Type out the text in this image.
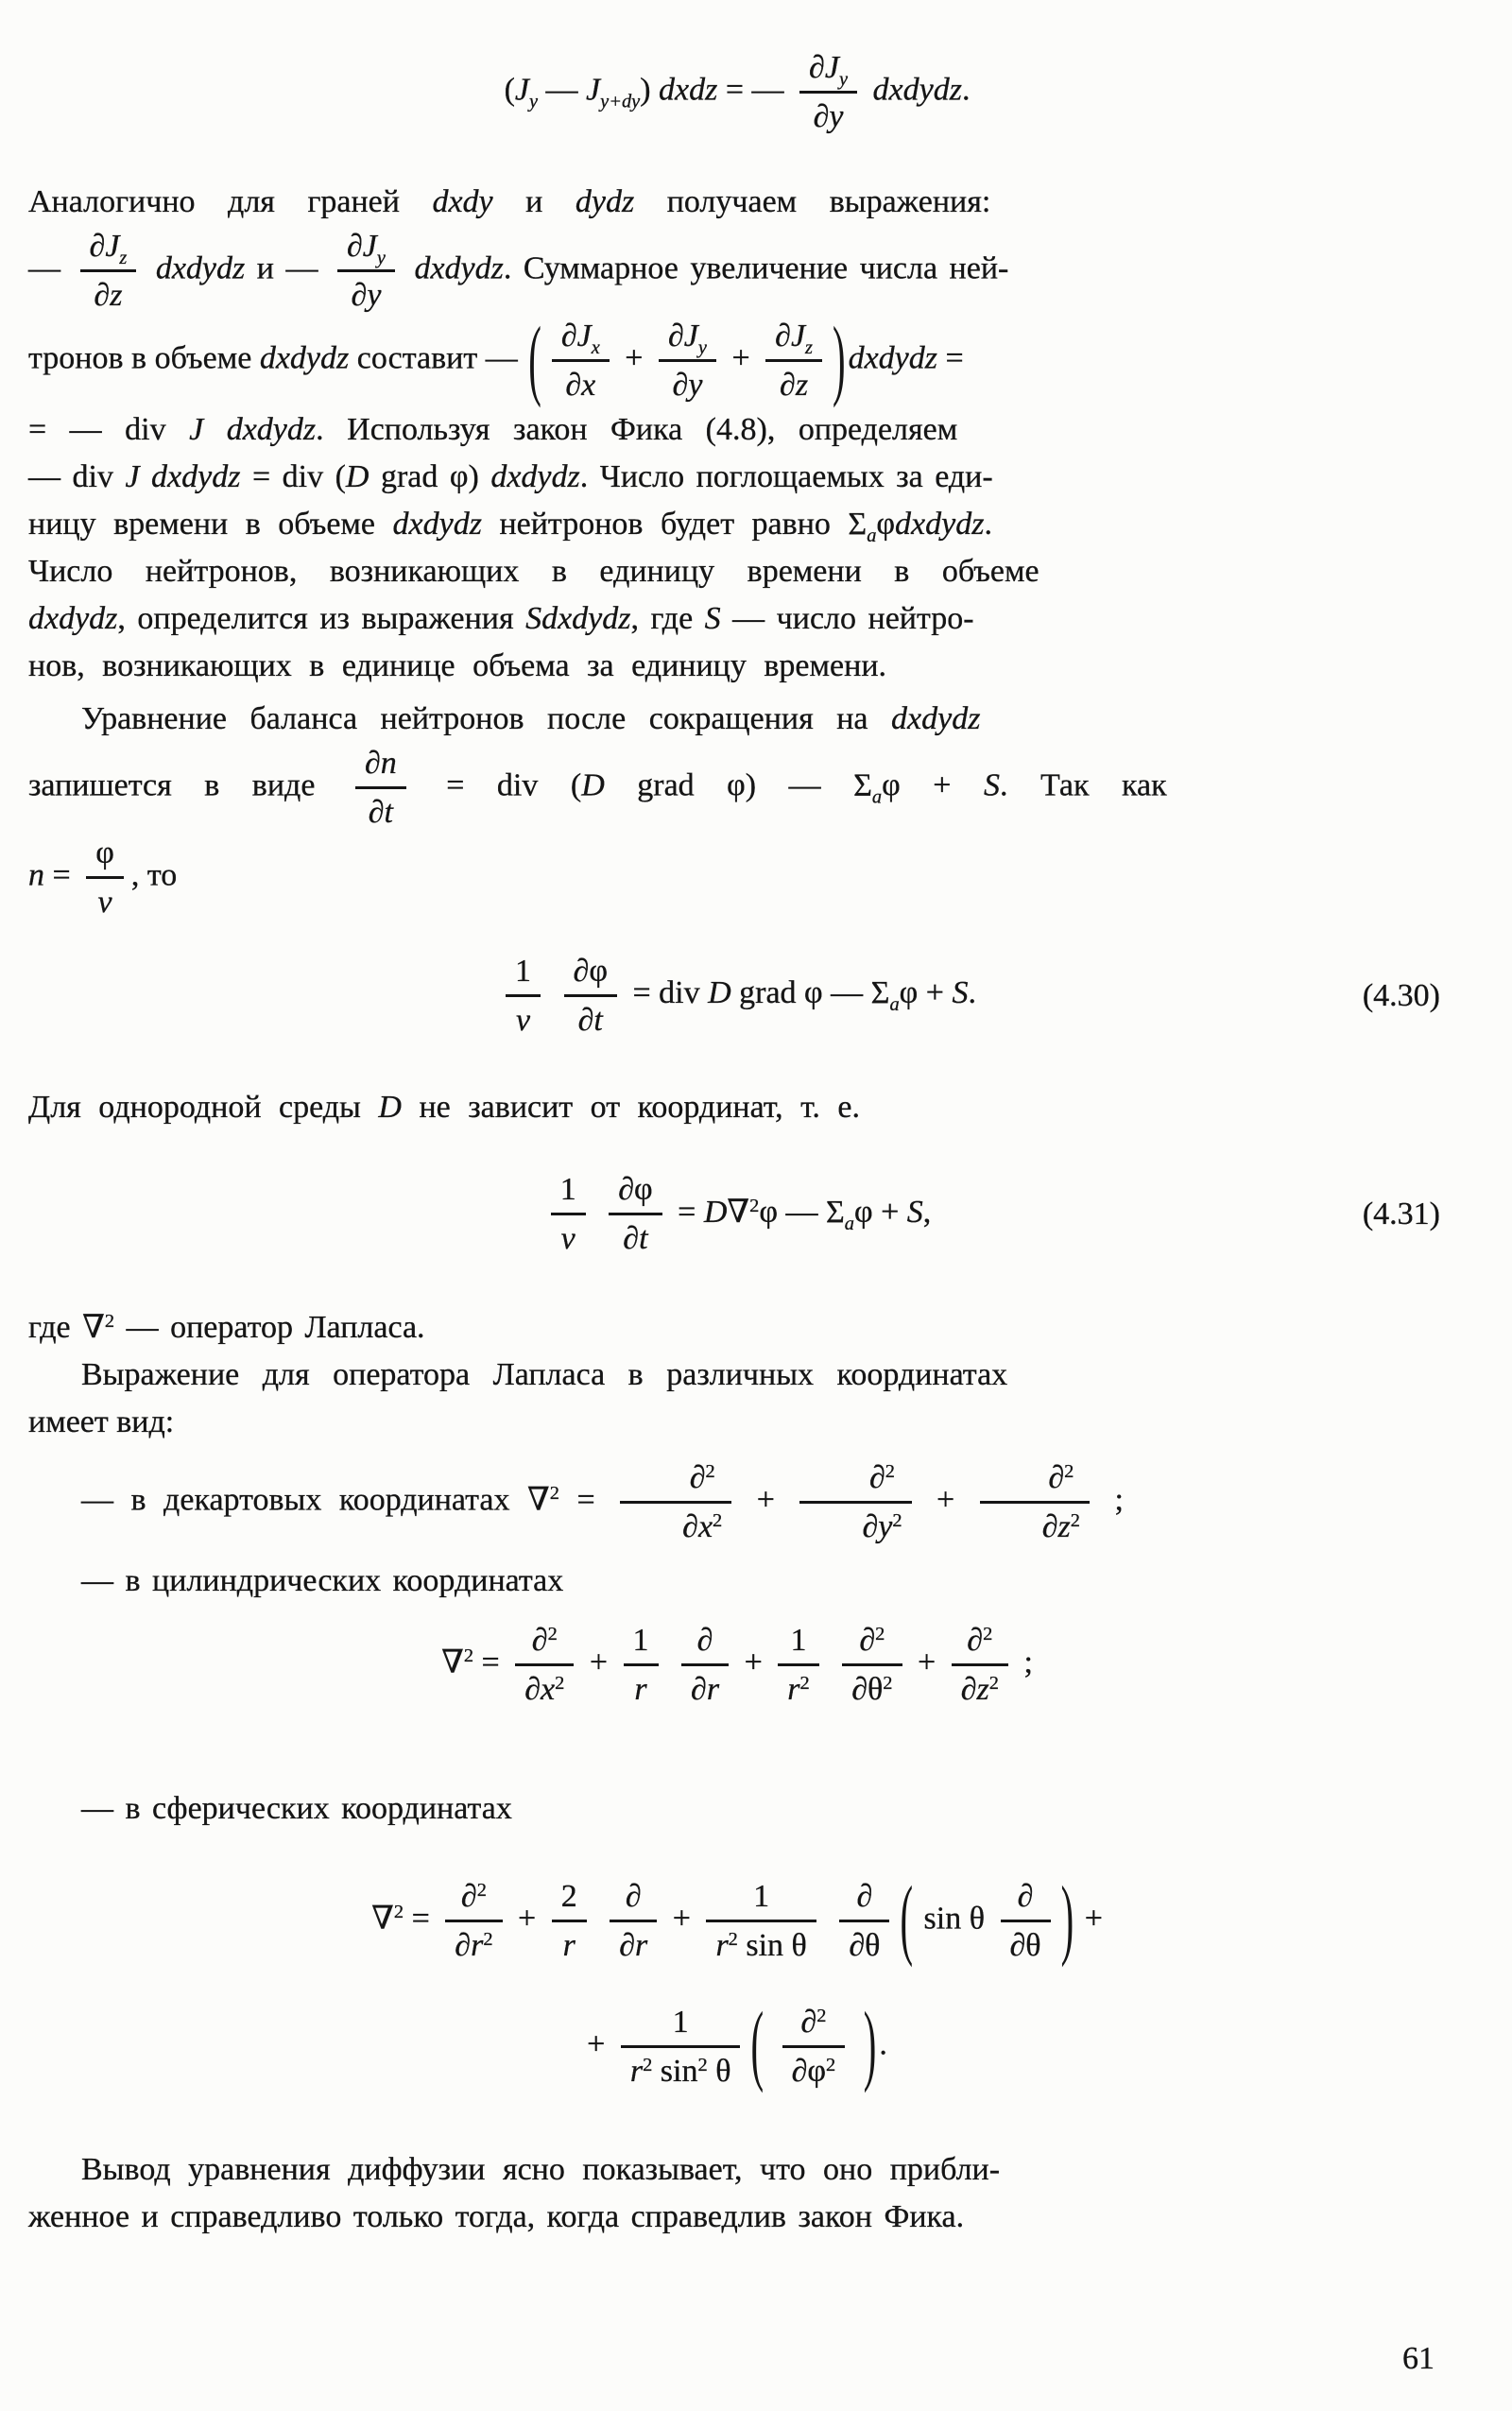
($J_y$ — $J_{y+dy}$) dxdz = — $\frac{\partial J_y}{\partial y}$ dxdydz.
Аналогично для граней dxdy и dydz получаем выражения:
— $\frac{\partial J_z}{\partial z}$ dxdydz и — $\frac{\partial J_y}{\partial y}$ dxdydz. Суммарное увеличение числа ней-
тронов в объеме dxdydz составит — ( $\frac{\partial J_x}{\partial x} + \frac{\partial J_y}{\partial y} + \frac{\partial J_z}{\partial z}$ )dxdydz =
= — div J dxdydz. Используя закон Фика (4.8), определяем
— div J dxdydz = div (D grad φ) dxdydz. Число поглощаемых за еди-
ницу времени в объеме dxdydz нейтронов будет равно $\Sigma_a\varphi dxdydz$.
Число нейтронов, возникающих в единицу времени в объеме
dxdydz, определится из выражения Sdxdydz, где S — число нейтро-
нов, возникающих в единице объема за единицу времени.
Уравнение баланса нейтронов после сокращения на dxdydz
запишется в виде $\frac{\partial n}{\partial t}$ = div (D grad φ) — $\Sigma_a\varphi + S$. Так как
$n = \frac{\varphi}{v}$ , то
$\frac{1}{v}$
$\frac{\partial\varphi}{\partial t}$ = div D grad φ — $\Sigma_a\varphi + S$.	(4.30)
Для однородной среды D не зависит от координат, т. е.
$\frac{1}{v}$
$\frac{\partial\varphi}{\partial t} = D\nabla^2\varphi$ — $\Sigma_a\varphi + S$,	(4.31)
где ∇$^2$ — оператор Лапласа.
Выражение для оператора Лапласа в различных координатах
имеет вид:
— в декартовых координатах $\nabla^2 = \frac{\partial^2}{\partial x^2} + \frac{\partial^2}{\partial y^2} + \frac{\partial^2}{\partial z^2}$ ;
— в цилиндрических координатах
$\nabla^2 = \frac{\partial^2}{\partial x^2} + \frac{1}{r}$
$\frac{\partial}{\partial r} + \frac{1}{r^2}$
$\frac{\partial^2}{\partial\theta^2} + \frac{\partial^2}{\partial z^2}$ ;
— в сферических координатах
$\nabla^2 = \frac{\partial^2}{\partial r^2} + \frac{2}{r}$
$\frac{\partial}{\partial r} + \frac{1}{r^2 \sin \theta}$
$\frac{\partial}{\partial\theta}$ ( sin θ $\frac{\partial}{\partial\theta}$ ) +
+ $\frac{1}{r^2 \sin^2 \theta}$ ( $\frac{\partial^2}{\partial\varphi^2}$ ).
Вывод уравнения диффузии ясно показывает, что оно прибли-
женное и справедливо только тогда, когда справедлив закон Фика.
61
